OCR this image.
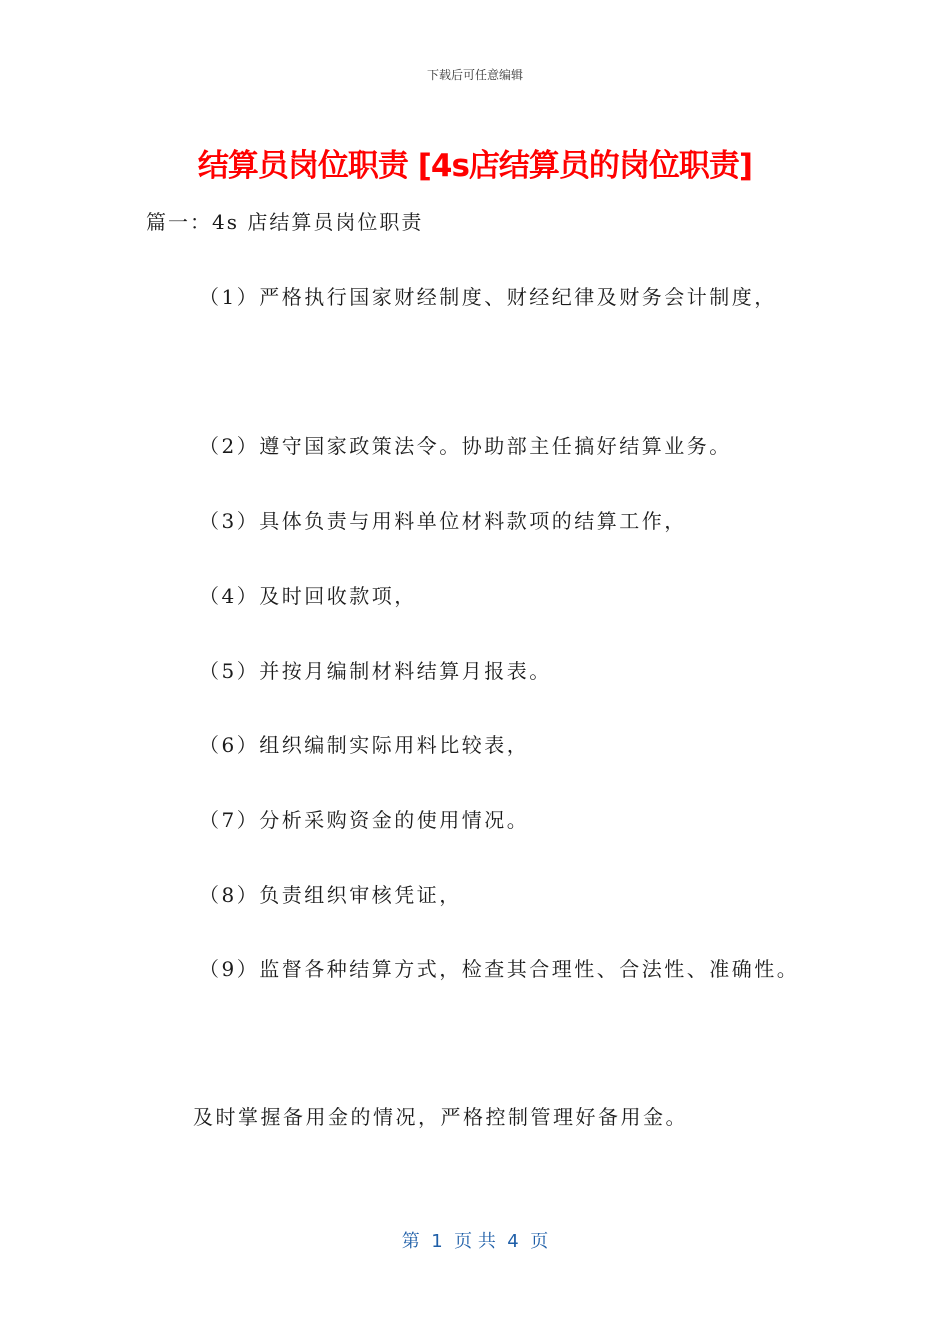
下载后可任意编辑
结算员岗位职责 [4s店结算员的岗位职责]
篇一：4s 店结算员岗位职责
（1）严格执行国家财经制度、财经纪律及财务会计制度，
（2）遵守国家政策法令。协助部主任搞好结算业务。
（3）具体负责与用料单位材料款项的结算工作，
（4）及时回收款项，
（5）并按月编制材料结算月报表。
（6）组织编制实际用料比较表，
（7）分析采购资金的使用情况。
（8）负责组织审核凭证，
（9）监督各种结算方式，检查其合理性、合法性、准确性。
及时掌握备用金的情况，严格控制管理好备用金。
第  1  页 共  4  页
